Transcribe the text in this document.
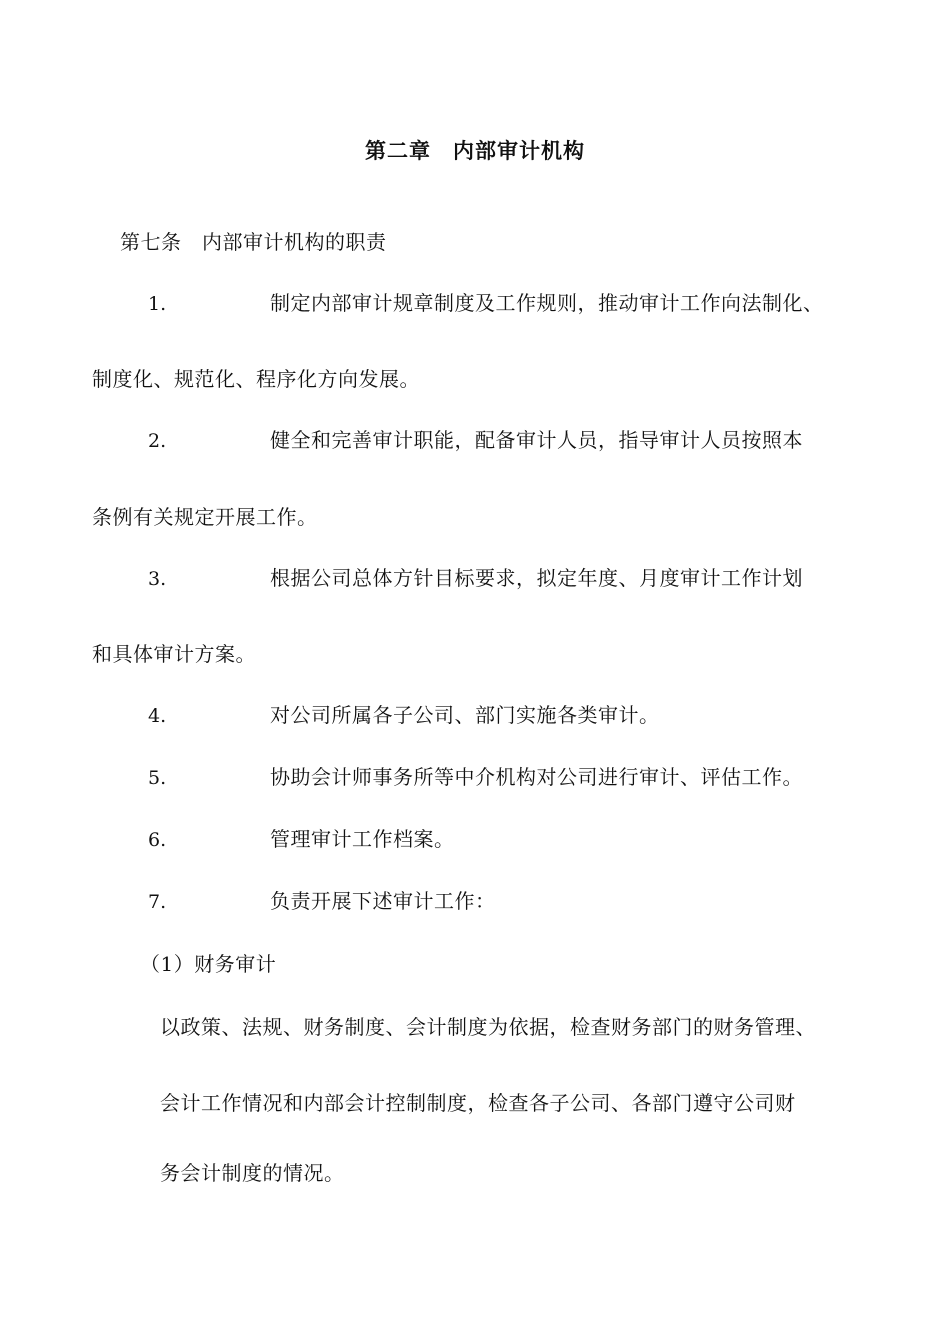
第二章　内部审计机构
第七条　内部审计机构的职责
1.	制定内部审计规章制度及工作规则，推动审计工作向法制化、
制度化、规范化、程序化方向发展。
2.	健全和完善审计职能，配备审计人员，指导审计人员按照本
条例有关规定开展工作。
3.	根据公司总体方针目标要求，拟定年度、月度审计工作计划
和具体审计方案。
4.	对公司所属各子公司、部门实施各类审计。
5.	协助会计师事务所等中介机构对公司进行审计、评估工作。
6.	管理审计工作档案。
7.	负责开展下述审计工作：
（1）财务审计
以政策、法规、财务制度、会计制度为依据，检查财务部门的财务管理、
会计工作情况和内部会计控制制度，检查各子公司、各部门遵守公司财
务会计制度的情况。
